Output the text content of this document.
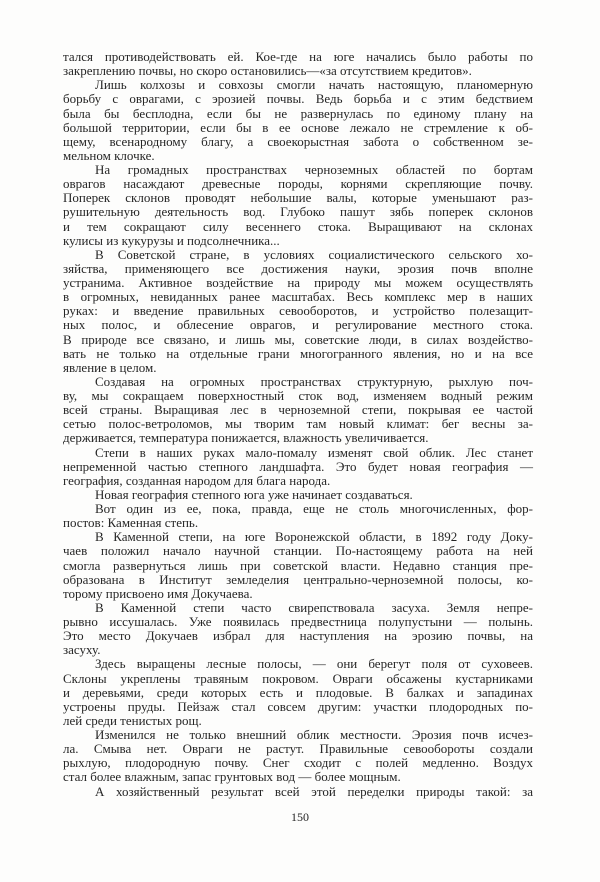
тался противодействовать ей. Кое-где на юге начались было работы по
закреплению почвы, но скоро остановились—«за отсутствием кредитов».
Лишь колхозы и совхозы смогли начать настоящую, планомерную
борьбу с оврагами, с эрозией почвы. Ведь борьба и с этим бедствием
была бы бесплодна, если бы не развернулась по единому плану на
большой территории, если бы в ее основе лежало не стремление к об-
щему, всенародному благу, а своекорыстная забота о собственном зе-
мельном клочке.
На громадных пространствах черноземных областей по бортам
оврагов насаждают древесные породы, корнями скрепляющие почву.
Поперек склонов проводят небольшие валы, которые уменьшают раз-
рушительную деятельность вод. Глубоко пашут зябь поперек склонов
и тем сокращают силу весеннего стока. Выращивают на склонах
кулисы из кукурузы и подсолнечника...
В Советской стране, в условиях социалистического сельского хо-
зяйства, применяющего все достижения науки, эрозия почв вполне
устранима. Активное воздействие на природу мы можем осуществлять
в огромных, невиданных ранее масштабах. Весь комплекс мер в наших
руках: и введение правильных севооборотов, и устройство полезащит-
ных полос, и облесение оврагов, и регулирование местного стока.
В природе все связано, и лишь мы, советские люди, в силах воздейство-
вать не только на отдельные грани многогранного явления, но и на все
явление в целом.
Создавая на огромных пространствах структурную, рыхлую поч-
ву, мы сокращаем поверхностный сток вод, изменяем водный режим
всей страны. Выращивая лес в черноземной степи, покрывая ее частой
сетью полос-ветроломов, мы творим там новый климат: бег весны за-
держивается, температура понижается, влажность увеличивается.
Степи в наших руках мало-помалу изменят свой облик. Лес станет
непременной частью степного ландшафта. Это будет новая география —
география, созданная народом для блага народа.
Новая география степного юга уже начинает создаваться.
Вот один из ее, пока, правда, еще не столь многочисленных, фор-
постов: Каменная степь.
В Каменной степи, на юге Воронежской области, в 1892 году Доку-
чаев положил начало научной станции. По-настоящему работа на ней
смогла развернуться лишь при советской власти. Недавно станция пре-
образована в Институт земледелия центрально-черноземной полосы, ко-
торому присвоено имя Докучаева.
В Каменной степи часто свирепствовала засуха. Земля непре-
рывно иссушалась. Уже появилась предвестница полупустыни — полынь.
Это место Докучаев избрал для наступления на эрозию почвы, на
засуху.
Здесь выращены лесные полосы, — они берегут поля от суховеев.
Склоны укреплены травяным покровом. Овраги обсажены кустарниками
и деревьями, среди которых есть и плодовые. В балках и западинах
устроены пруды. Пейзаж стал совсем другим: участки плодородных по-
лей среди тенистых рощ.
Изменился не только внешний облик местности. Эрозия почв исчез-
ла. Смыва нет. Овраги не растут. Правильные севообороты создали
рыхлую, плодородную почву. Снег сходит с полей медленно. Воздух
стал более влажным, запас грунтовых вод — более мощным.
А хозяйственный результат всей этой переделки природы такой: за
150
